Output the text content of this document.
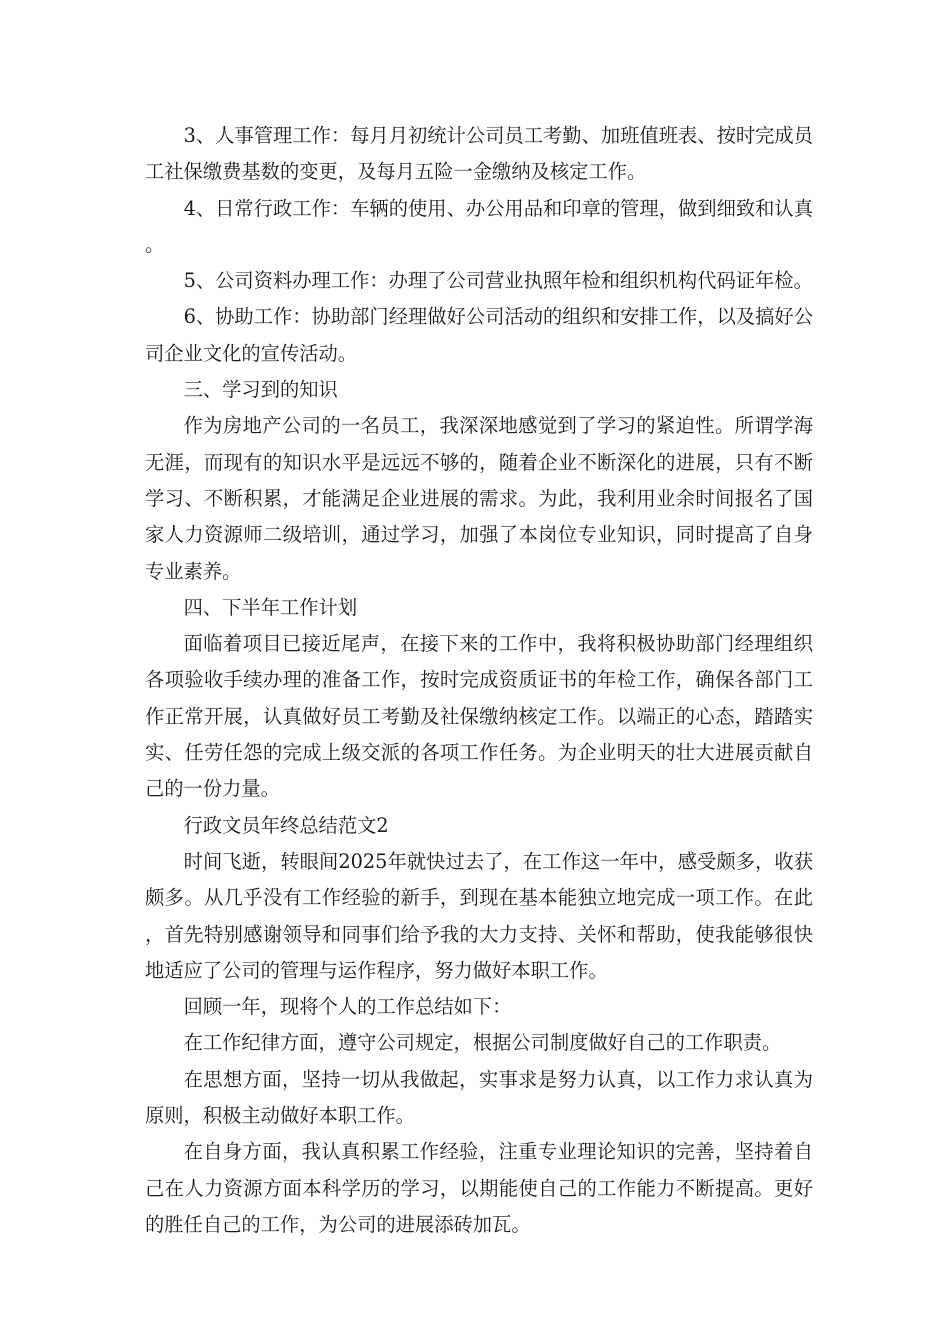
3、人事管理工作：每月月初统计公司员工考勤、加班值班表、按时完成员工社保缴费基数的变更，及每月五险一金缴纳及核定工作。

4、日常行政工作：车辆的使用、办公用品和印章的管理，做到细致和认真。

5、公司资料办理工作：办理了公司营业执照年检和组织机构代码证年检。

6、协助工作：协助部门经理做好公司活动的组织和安排工作，以及搞好公司企业文化的宣传活动。

三、学习到的知识

作为房地产公司的一名员工，我深深地感觉到了学习的紧迫性。所谓学海无涯，而现有的知识水平是远远不够的，随着企业不断深化的进展，只有不断学习、不断积累，才能满足企业进展的需求。为此，我利用业余时间报名了国家人力资源师二级培训，通过学习，加强了本岗位专业知识，同时提高了自身专业素养。

四、下半年工作计划

面临着项目已接近尾声，在接下来的工作中，我将积极协助部门经理组织各项验收手续办理的准备工作，按时完成资质证书的年检工作，确保各部门工作正常开展，认真做好员工考勤及社保缴纳核定工作。以端正的心态，踏踏实实、任劳任怨的完成上级交派的各项工作任务。为企业明天的壮大进展贡献自己的一份力量。

行政文员年终总结范文2

时间飞逝，转眼间2025年就快过去了，在工作这一年中，感受颇多，收获颇多。从几乎没有工作经验的新手，到现在基本能独立地完成一项工作。在此，首先特别感谢领导和同事们给予我的大力支持、关怀和帮助，使我能够很快地适应了公司的管理与运作程序，努力做好本职工作。

回顾一年，现将个人的工作总结如下：

在工作纪律方面，遵守公司规定，根据公司制度做好自己的工作职责。

在思想方面，坚持一切从我做起，实事求是努力认真，以工作力求认真为原则，积极主动做好本职工作。

在自身方面，我认真积累工作经验，注重专业理论知识的完善，坚持着自己在人力资源方面本科学历的学习，以期能使自己的工作能力不断提高。更好的胜任自己的工作，为公司的进展添砖加瓦。
